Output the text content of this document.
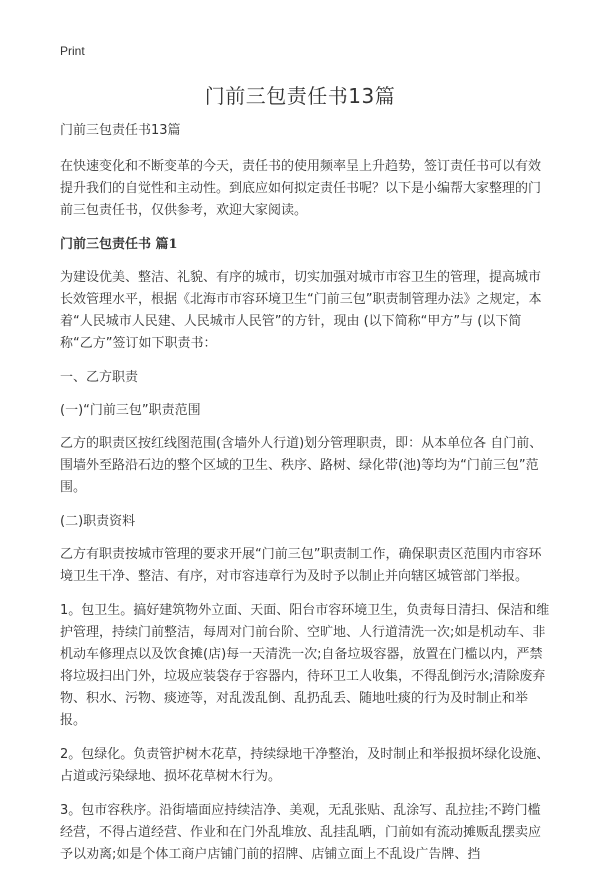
Print
门前三包责任书13篇

门前三包责任书13篇

在快速变化和不断变革的今天，责任书的使用频率呈上升趋势，签订责任书可以有效提升我们的自觉性和主动性。到底应如何拟定责任书呢？以下是小编帮大家整理的门前三包责任书，仅供参考，欢迎大家阅读。

门前三包责任书 篇1

为建设优美、整洁、礼貌、有序的城市，切实加强对城市市容卫生的管理，提高城市长效管理水平，根据《北海市市容环境卫生“门前三包”职责制管理办法》之规定，本着“人民城市人民建、人民城市人民管”的方针，现由 (以下简称“甲方”与 (以下简称“乙方”签订如下职责书：

一、乙方职责

(一)“门前三包”职责范围

乙方的职责区按红线图范围(含墙外人行道)划分管理职责，即：从本单位各 自门前、围墙外至路沿石边的整个区域的卫生、秩序、路树、绿化带(池)等均为“门前三包”范围。

(二)职责资料

乙方有职责按城市管理的要求开展“门前三包”职责制工作，确保职责区范围内市容环境卫生干净、整洁、有序，对市容违章行为及时予以制止并向辖区城管部门举报。

1。包卫生。搞好建筑物外立面、天面、阳台市容环境卫生，负责每日清扫、保洁和维护管理，持续门前整洁，每周对门前台阶、空旷地、人行道清洗一次;如是机动车、非机动车修理点以及饮食摊(店)每一天清洗一次;自备垃圾容器，放置在门槛以内，严禁将垃圾扫出门外，垃圾应装袋存于容器内，待环卫工人收集，不得乱倒污水;清除废弃物、积水、污物、痰迹等，对乱泼乱倒、乱扔乱丢、随地吐痰的行为及时制止和举报。

2。包绿化。负责管护树木花草，持续绿地干净整治，及时制止和举报损坏绿化设施、占道或污染绿地、损坏花草树木行为。

3。包市容秩序。沿街墙面应持续洁净、美观，无乱张贴、乱涂写、乱拉挂;不跨门槛经营，不得占道经营、作业和在门外乱堆放、乱挂乱晒，门前如有流动摊贩乱摆卖应予以劝离;如是个体工商户店铺门前的招牌、店铺立面上不乱设广告牌、挡
